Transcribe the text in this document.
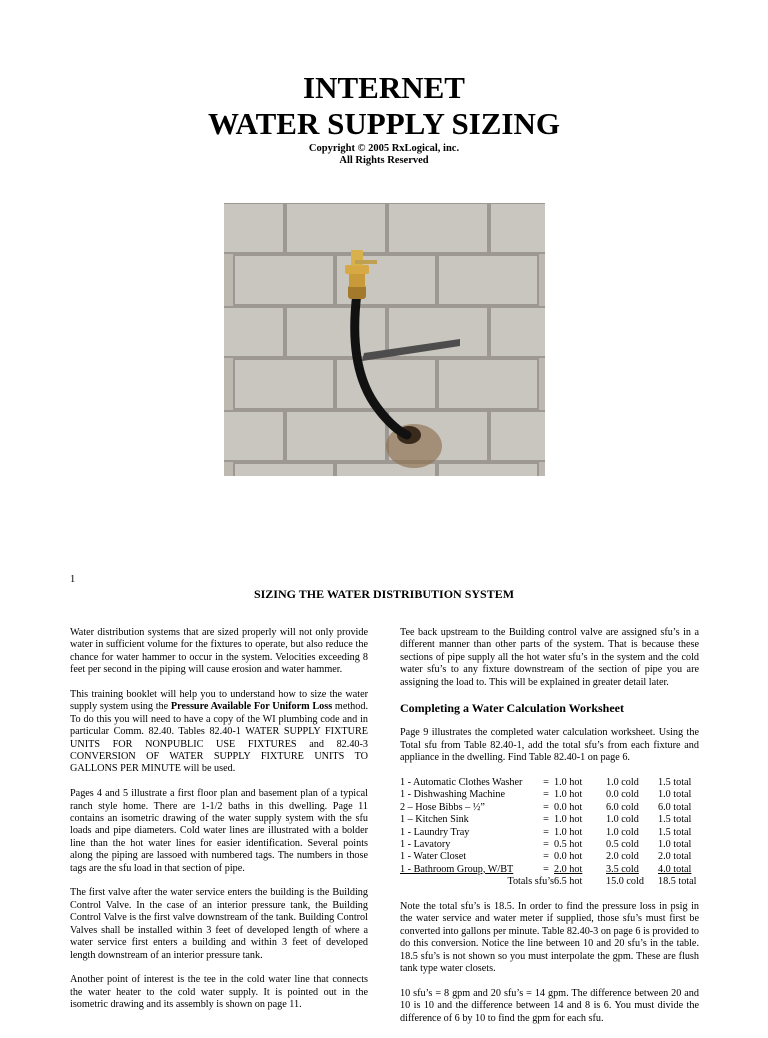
INTERNET
WATER SUPPLY SIZING
Copyright © 2005 RxLogical, inc.
All Rights Reserved
1
SIZING THE WATER DISTRIBUTION SYSTEM

Water distribution systems that are sized properly will not only provide water in sufficient volume for the fixtures to operate, but also reduce the chance for water hammer to occur in the system. Velocities exceeding 8 feet per second in the piping will cause erosion and water hammer.

This training booklet will help you to understand how to size the water supply system using the Pressure Available For Uniform Loss method. To do this you will need to have a copy of the WI plumbing code and in particular Comm. 82.40. Tables 82.40-1 WATER SUPPLY FIXTURE UNITS FOR NONPUBLIC USE FIXTURES and 82.40-3 CONVERSION OF WATER SUPPLY FIXTURE UNITS TO GALLONS PER MINUTE will be used.

Pages 4 and 5 illustrate a first floor plan and basement plan of a typical ranch style home. There are 1-1/2 baths in this dwelling. Page 11 contains an isometric drawing of the water supply system with the sfu loads and pipe diameters. Cold water lines are illustrated with a bolder line than the hot water lines for easier identification. Several points along the piping are lassoed with numbered tags. The numbers in those tags are the sfu load in that section of pipe.

The first valve after the water service enters the building is the Building Control Valve. In the case of an interior pressure tank, the Building Control Valve is the first valve downstream of the tank. Building Control Valves shall be installed within 3 feet of developed length of where a water service first enters a building and within 3 feet of developed length downstream of an interior pressure tank.

Another point of interest is the tee in the cold water line that connects the water heater to the cold water supply. It is pointed out in the isometric drawing and its assembly is shown on page 11.

Tee back upstream to the Building control valve are assigned sfu’s in a different manner than other parts of the system. That is because these sections of pipe supply all the hot water sfu’s in the system and the cold water sfu’s to any fixture downstream of the section of pipe you are assigning the load to. This will be explained in greater detail later.

Completing a Water Calculation Worksheet

Page 9 illustrates the completed water calculation worksheet. Using the Total sfu from Table 82.40-1, add the total sfu’s from each fixture and appliance in the dwelling. Find Table 82.40-1 on page 6.

1 - Automatic Clothes Washer	=	1.0 hot	1.0 cold	1.5 total
1 - Dishwashing Machine	=	1.0 hot	0.0 cold	1.0 total
2 – Hose Bibbs – ½”	=	0.0 hot	6.0 cold	6.0 total
1 – Kitchen Sink	=	1.0 hot	1.0 cold	1.5 total
1 - Laundry Tray	=	1.0 hot	1.0 cold	1.5 total
1 - Lavatory	=	0.5 hot	0.5 cold	1.0 total
1 - Water Closet	=	0.0 hot	2.0 cold	2.0 total
1 - Bathroom Group, W/BT	=	2.0 hot	3.5 cold	4.0 total
Totals sfu’s		6.5 hot	15.0 cold	18.5 total

Note the total sfu’s is 18.5. In order to find the pressure loss in psig in the water service and water meter if supplied, those sfu’s must first be converted into gallons per minute. Table 82.40-3 on page 6 is provided to do this conversion. Notice the line between 10 and 20 sfu’s in the table. 18.5 sfu’s is not shown so you must interpolate the gpm. These are flush tank type water closets.

10 sfu’s = 8 gpm and 20 sfu’s = 14 gpm. The difference between 20 and 10 is 10 and the difference between 14 and 8 is 6. You must divide the difference of 6 by 10 to find the gpm for each sfu.
